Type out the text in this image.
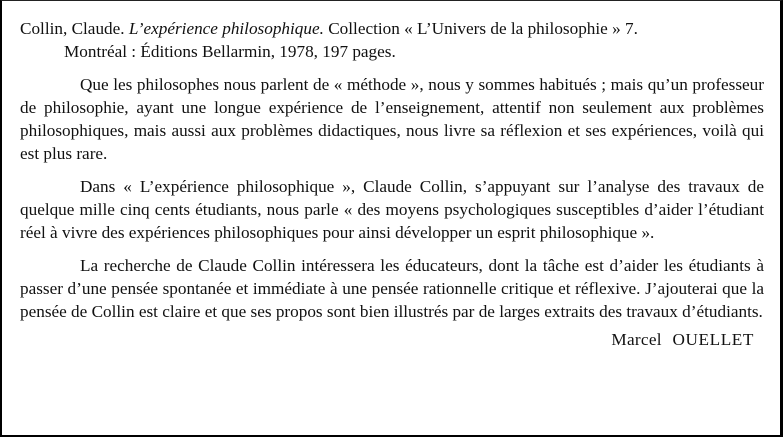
Collin, Claude. L’expérience philosophique. Collection « L’Univers de la philosophie » 7.
Montréal : Éditions Bellarmin, 1978, 197 pages.

Que les philosophes nous parlent de « méthode », nous y sommes habitués ; mais qu’un professeur de philosophie, ayant une longue expérience de l’enseignement, attentif non seulement aux problèmes philosophiques, mais aussi aux problèmes didactiques, nous livre sa réflexion et ses expériences, voilà qui est plus rare.

Dans « L’expérience philosophique », Claude Collin, s’appuyant sur l’analyse des travaux de quelque mille cinq cents étudiants, nous parle « des moyens psychologiques susceptibles d’aider l’étudiant réel à vivre des expériences philosophiques pour ainsi développer un esprit philosophique ».

La recherche de Claude Collin intéressera les éducateurs, dont la tâche est d’aider les étudiants à passer d’une pensée spontanée et immédiate à une pensée rationnelle critique et réflexive. J’ajouterai que la pensée de Collin est claire et que ses propos sont bien illustrés par de larges extraits des travaux d’étudiants.

Marcel OUELLET
